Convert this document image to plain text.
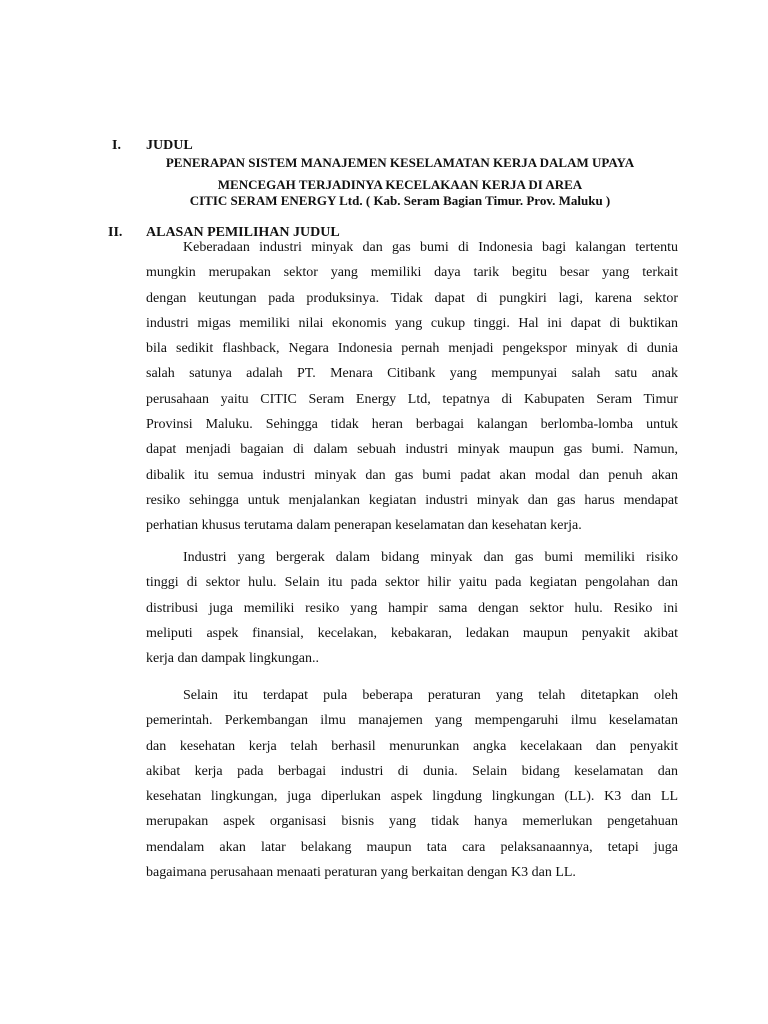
I. JUDUL
PENERAPAN SISTEM MANAJEMEN KESELAMATAN KERJA DALAM UPAYA
MENCEGAH TERJADINYA KECELAKAAN KERJA DI AREA
CITIC SERAM ENERGY Ltd. ( Kab. Seram Bagian Timur. Prov. Maluku )
II. ALASAN PEMILIHAN JUDUL
Keberadaan industri minyak dan gas bumi di Indonesia bagi kalangan tertentu
mungkin merupakan sektor yang memiliki daya tarik begitu besar yang terkait
dengan keutungan pada produksinya. Tidak dapat di pungkiri lagi, karena sektor
industri migas memiliki nilai ekonomis yang cukup tinggi. Hal ini dapat di buktikan
bila sedikit flashback, Negara Indonesia pernah menjadi pengekspor minyak di dunia
salah satunya adalah PT. Menara Citibank yang mempunyai salah satu anak
perusahaan yaitu CITIC Seram Energy Ltd, tepatnya di Kabupaten Seram Timur
Provinsi Maluku. Sehingga tidak heran berbagai kalangan berlomba-lomba untuk
dapat menjadi bagaian di dalam sebuah industri minyak maupun gas bumi. Namun,
dibalik itu semua industri minyak dan gas bumi padat akan modal dan penuh akan
resiko sehingga untuk menjalankan kegiatan industri minyak dan gas harus mendapat
perhatian khusus terutama dalam penerapan keselamatan dan kesehatan kerja.
Industri yang bergerak dalam bidang minyak dan gas bumi memiliki risiko
tinggi di sektor hulu. Selain itu pada sektor hilir yaitu pada kegiatan pengolahan dan
distribusi juga memiliki resiko yang hampir sama dengan sektor hulu. Resiko ini
meliputi aspek finansial, kecelakan, kebakaran, ledakan maupun penyakit akibat
kerja dan dampak lingkungan..
Selain itu terdapat pula beberapa peraturan yang telah ditetapkan oleh
pemerintah. Perkembangan ilmu manajemen yang mempengaruhi ilmu keselamatan
dan kesehatan kerja telah berhasil menurunkan angka kecelakaan dan penyakit
akibat kerja pada berbagai industri di dunia. Selain bidang keselamatan dan
kesehatan lingkungan, juga diperlukan aspek lingdung lingkungan (LL). K3 dan LL
merupakan aspek organisasi bisnis yang tidak hanya memerlukan pengetahuan
mendalam akan latar belakang maupun tata cara pelaksanaannya, tetapi juga
bagaimana perusahaan menaati peraturan yang berkaitan dengan K3 dan LL.
